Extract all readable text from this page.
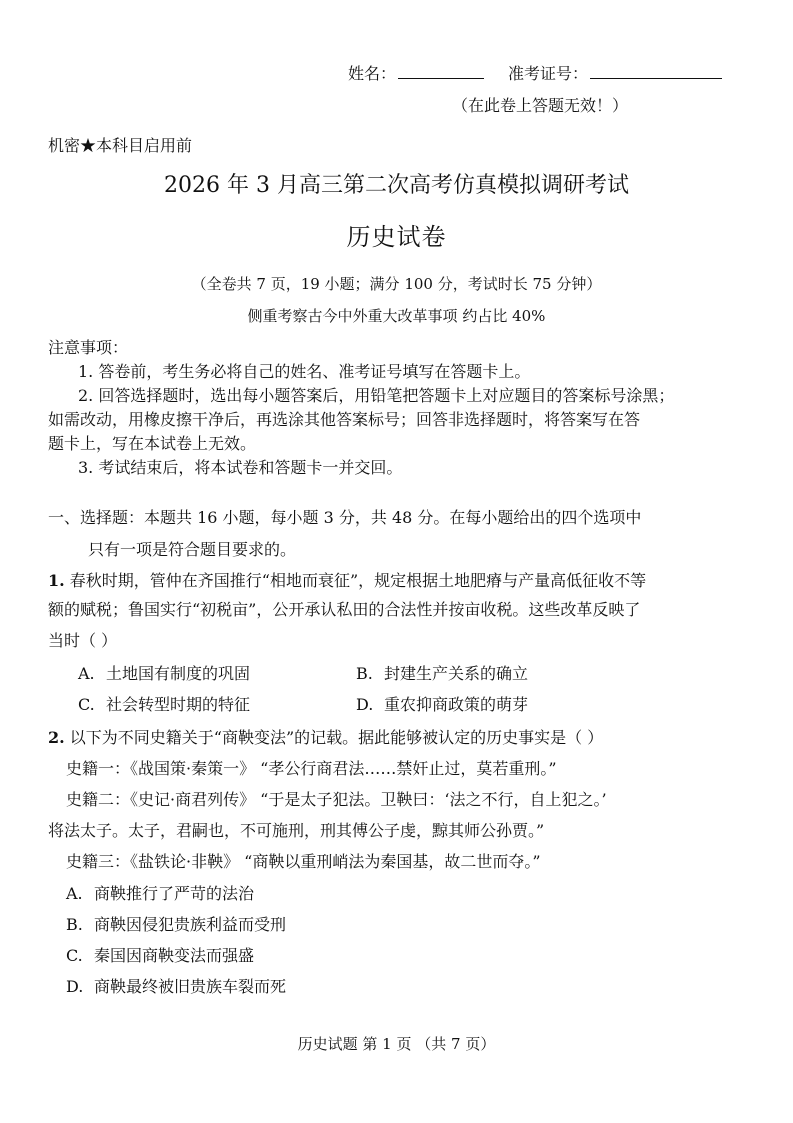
姓名：	准考证号：
（在此卷上答题无效！）
机密★本科目启用前
2026 年 3 月高三第二次高考仿真模拟调研考试
历史试卷
（全卷共 7 页，19 小题；满分 100 分，考试时长 75 分钟）
侧重考察古今中外重大改革事项 约占比 40%
注意事项：
1. 答卷前，考生务必将自己的姓名、准考证号填写在答题卡上。
2. 回答选择题时，选出每小题答案后，用铅笔把答题卡上对应题目的答案标号涂黑；
如需改动，用橡皮擦干净后，再选涂其他答案标号；回答非选择题时，将答案写在答
题卡上，写在本试卷上无效。
3. 考试结束后，将本试卷和答题卡一并交回。
一、选择题：本题共 16 小题，每小题 3 分，共 48 分。在每小题给出的四个选项中
只有一项是符合题目要求的。
1. 春秋时期，管仲在齐国推行“相地而衰征”，规定根据土地肥瘠与产量高低征收不等
额的赋税；鲁国实行“初税亩”，公开承认私田的合法性并按亩收税。这些改革反映了
当时（ ）
A. 土地国有制度的巩固	B. 封建生产关系的确立
C. 社会转型时期的特征	D. 重农抑商政策的萌芽
2. 以下为不同史籍关于“商鞅变法”的记载。据此能够被认定的历史事实是（ ）
史籍一：《战国策·秦策一》 “孝公行商君法……禁奸止过，莫若重刑。”
史籍二：《史记·商君列传》 “于是太子犯法。卫鞅曰：‘法之不行，自上犯之。’
将法太子。太子，君嗣也，不可施刑，刑其傅公子虔，黥其师公孙贾。”
史籍三：《盐铁论·非鞅》 “商鞅以重刑峭法为秦国基，故二世而夺。”
A. 商鞅推行了严苛的法治
B. 商鞅因侵犯贵族利益而受刑
C. 秦国因商鞅变法而强盛
D. 商鞅最终被旧贵族车裂而死
历史试题 第 1 页 （共 7 页）
